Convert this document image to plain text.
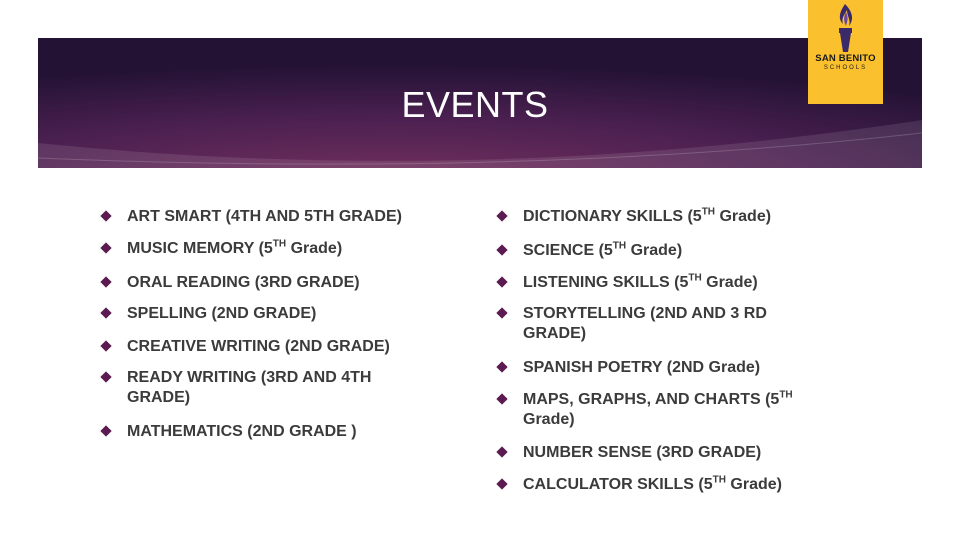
EVENTS
SAN BENITO
SCHOOLS
ART SMART (4TH AND 5TH GRADE)
MUSIC MEMORY (5TH Grade)
ORAL READING (3RD GRADE)
SPELLING (2ND GRADE)
CREATIVE WRITING (2ND GRADE)
READY WRITING (3RD AND 4TH GRADE)
MATHEMATICS (2ND GRADE )
DICTIONARY SKILLS (5TH Grade)
SCIENCE (5TH Grade)
LISTENING SKILLS (5TH Grade)
STORYTELLING (2ND AND 3 RD GRADE)
SPANISH POETRY (2ND Grade)
MAPS, GRAPHS, AND CHARTS (5TH Grade)
NUMBER SENSE (3RD GRADE)
CALCULATOR SKILLS (5TH Grade)
